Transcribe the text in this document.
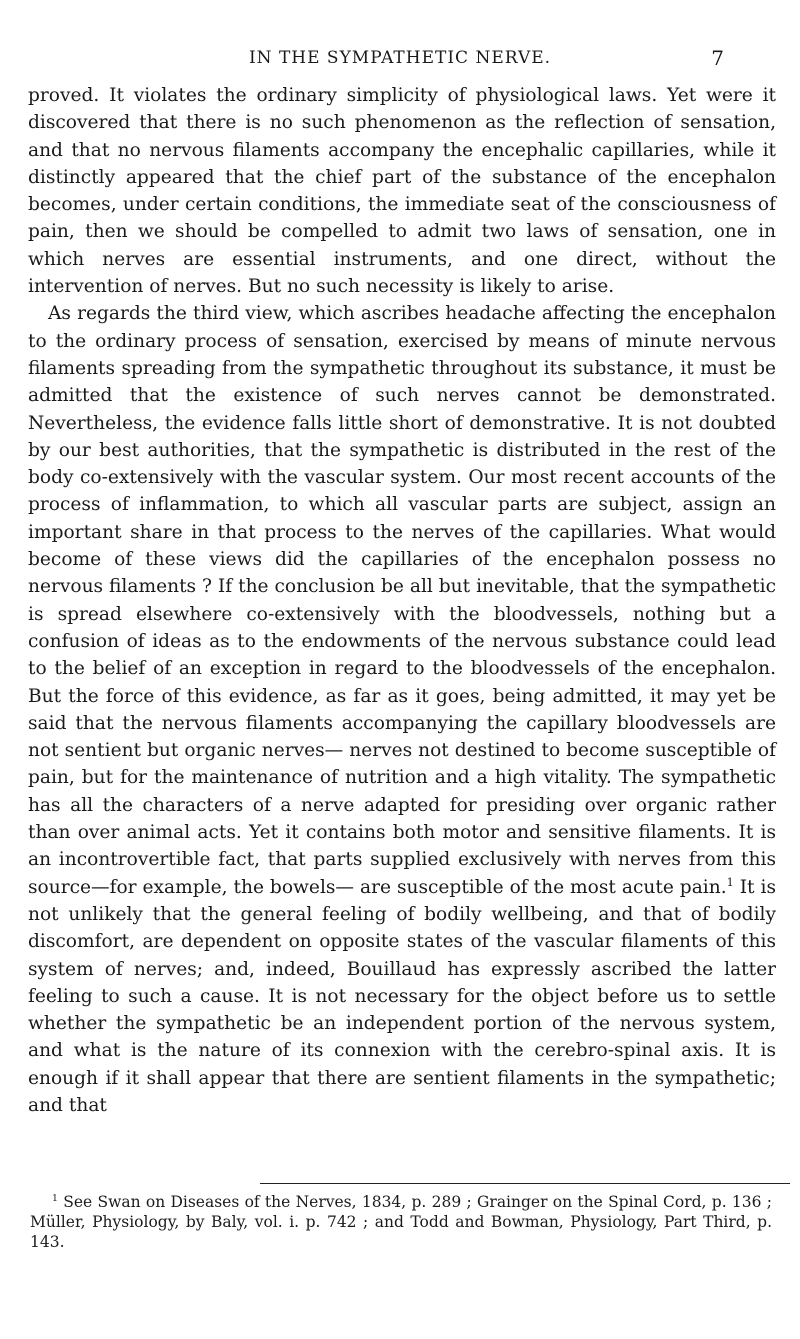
IN THE SYMPATHETIC NERVE.	7

proved. It violates the ordinary simplicity of physiological laws. Yet were it discovered that there is no such phenomenon as the reflection of sensation, and that no nervous filaments accompany the encephalic capillaries, while it distinctly appeared that the chief part of the substance of the encephalon becomes, under certain conditions, the immediate seat of the consciousness of pain, then we should be compelled to admit two laws of sensation, one in which nerves are essential instruments, and one direct, without the intervention of nerves. But no such necessity is likely to arise.

As regards the third view, which ascribes headache affecting the encephalon to the ordinary process of sensation, exercised by means of minute nervous filaments spreading from the sympathetic throughout its substance, it must be admitted that the existence of such nerves cannot be demonstrated. Nevertheless, the evidence falls little short of demonstrative. It is not doubted by our best authorities, that the sympathetic is distributed in the rest of the body co-extensively with the vascular system. Our most recent accounts of the process of inflammation, to which all vascular parts are subject, assign an important share in that process to the nerves of the capillaries. What would become of these views did the capillaries of the encephalon possess no nervous filaments ? If the conclusion be all but inevitable, that the sympathetic is spread elsewhere co-extensively with the bloodvessels, nothing but a confusion of ideas as to the endowments of the nervous substance could lead to the belief of an exception in regard to the bloodvessels of the encephalon. But the force of this evidence, as far as it goes, being admitted, it may yet be said that the nervous filaments accompanying the capillary bloodvessels are not sentient but organic nerves— nerves not destined to become susceptible of pain, but for the maintenance of nutrition and a high vitality. The sympathetic has all the characters of a nerve adapted for presiding over organic rather than over animal acts. Yet it contains both motor and sensitive filaments. It is an incontrovertible fact, that parts supplied exclusively with nerves from this source—for example, the bowels— are susceptible of the most acute pain.$^1$ It is not unlikely that the general feeling of bodily wellbeing, and that of bodily discomfort, are dependent on opposite states of the vascular filaments of this system of nerves; and, indeed, Bouillaud has expressly ascribed the latter feeling to such a cause. It is not necessary for the object before us to settle whether the sympathetic be an independent portion of the nervous system, and what is the nature of its connexion with the cerebro-spinal axis. It is enough if it shall appear that there are sentient filaments in the sympathetic; and that

$^1$ See Swan on Diseases of the Nerves, 1834, p. 289 ; Grainger on the Spinal Cord, p. 136 ; Müller, Physiology, by Baly, vol. i. p. 742 ; and Todd and Bowman, Physiology, Part Third, p. 143.
